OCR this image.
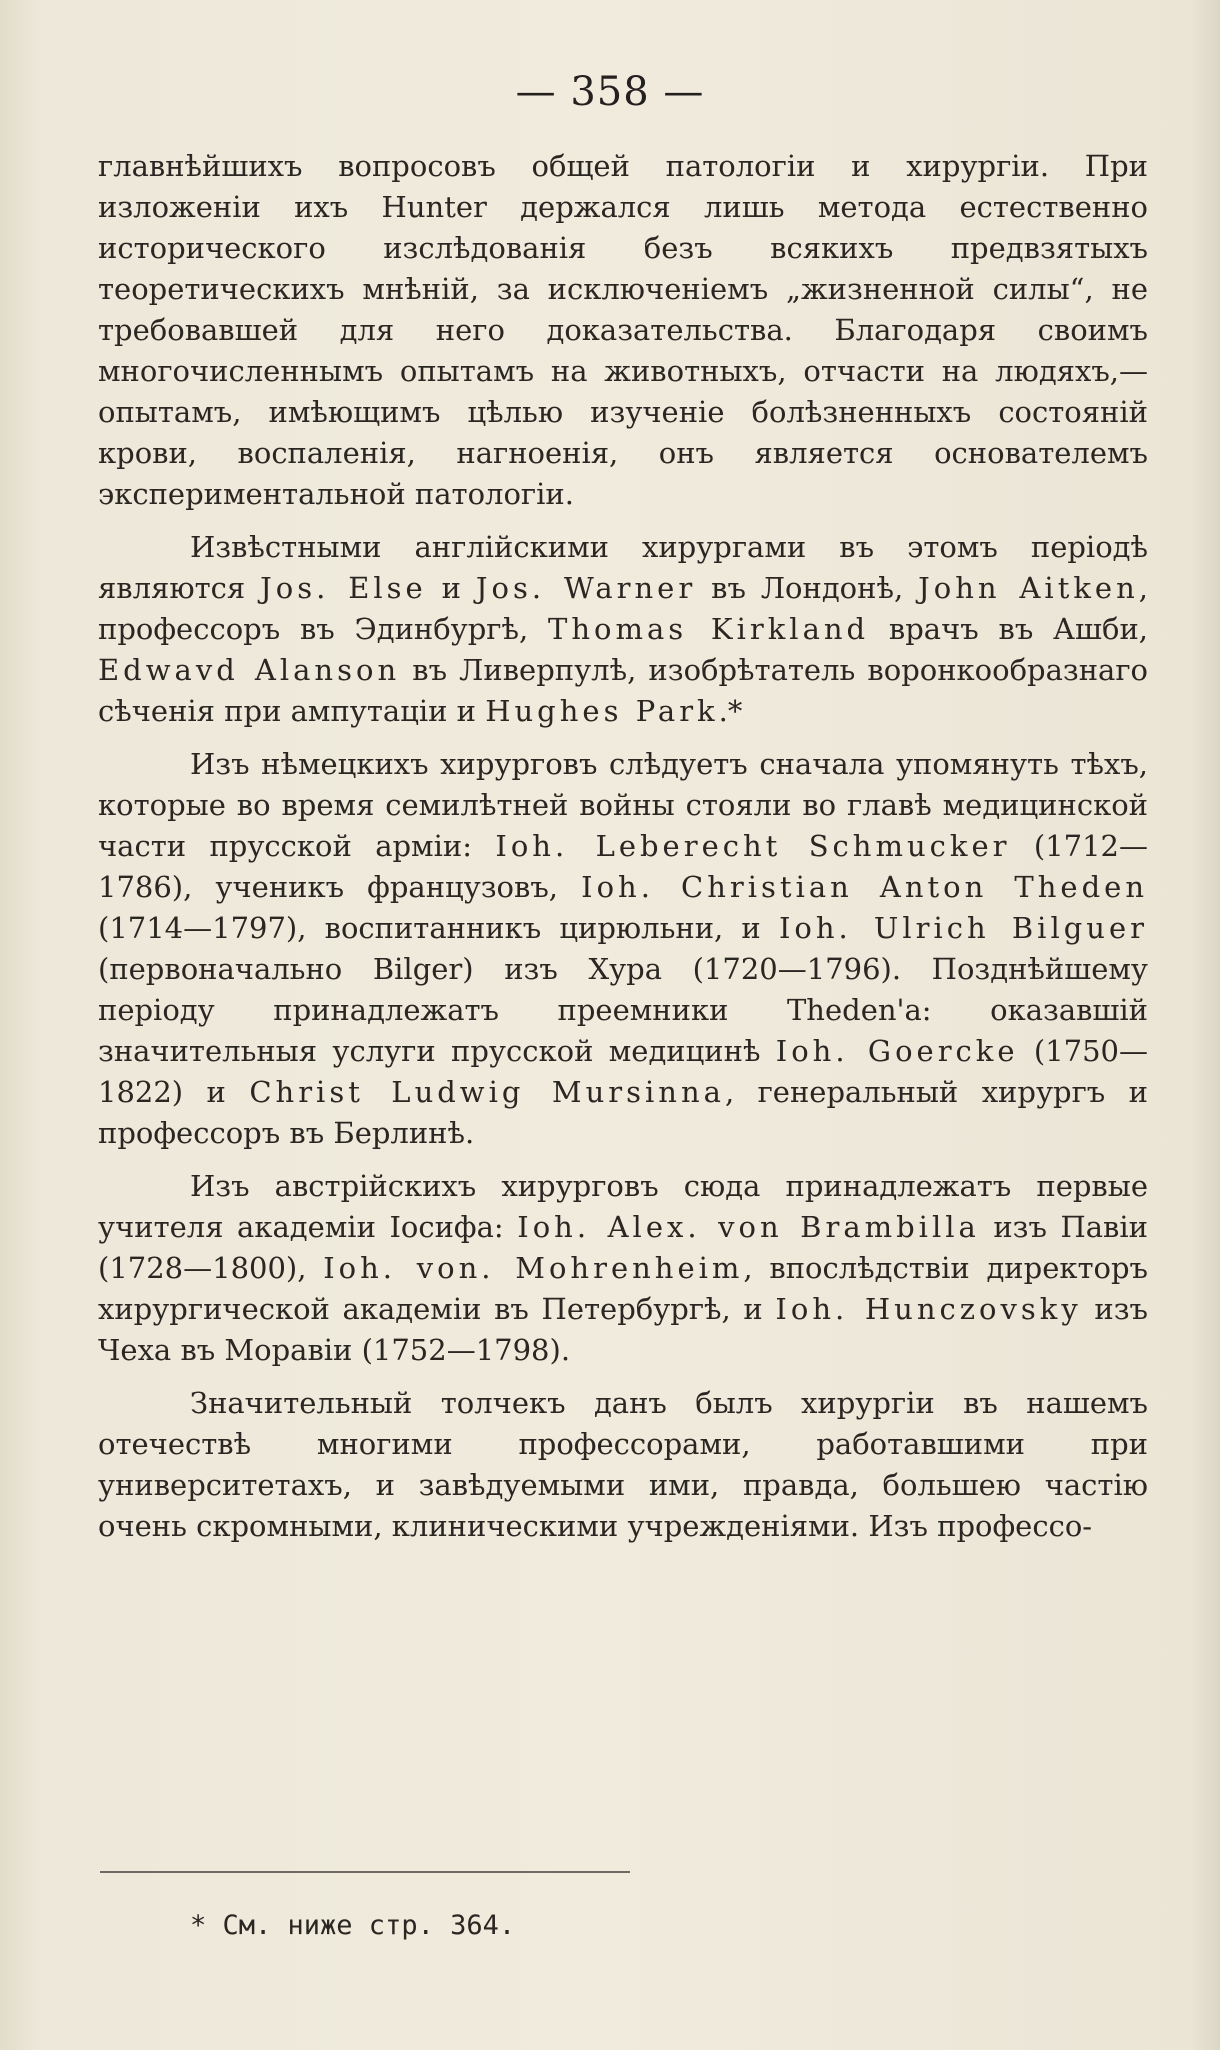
— 358 —

главнѣйшихъ вопросовъ общей патологіи и хирургіи. При изложеніи ихъ Hunter держался лишь метода естественно исторического изслѣдованія безъ всякихъ предвзятыхъ теоретическихъ мнѣній, за исключеніемъ „жизненной силы“, не требовавшей для него доказательства. Благодаря своимъ многочисленнымъ опытамъ на животныхъ, отчасти на людяхъ,—опытамъ, имѣющимъ цѣлью изученіе болѣзненныхъ состояній крови, воспаленія, нагноенія, онъ является основателемъ экспериментальной патологіи.

Извѣстными англійскими хирургами въ этомъ періодѣ являются Jos. Else и Jos. Warner въ Лондонѣ, John Aitken, профессоръ въ Эдинбургѣ, Thomas Kirkland врачъ въ Ашби, Edwavd Alanson въ Ливерпулѣ, изобрѣтатель воронкообразнаго сѣченія при ампутаціи и Hughes Park.*

Изъ нѣмецкихъ хирурговъ слѣдуетъ сначала упомянуть тѣхъ, которые во время семилѣтней войны стояли во главѣ медицинской части прусской арміи: Ioh. Leberecht Schmucker (1712—1786), ученикъ французовъ, Ioh. Christian Anton Theden (1714—1797), воспитанникъ цирюльни, и Ioh. Ulrich Bilguer (первоначально Bilger) изъ Хура (1720—1796). Позднѣйшему періоду принадлежатъ преемники Theden'а: оказавшій значительныя услуги прусской медицинѣ Ioh. Goercke (1750—1822) и Christ Ludwig Mursinna, генеральный хирургъ и профессоръ въ Берлинѣ.

Изъ австрійскихъ хирурговъ сюда принадлежатъ первые учителя академіи Іосифа: Ioh. Alex. von Brambilla изъ Павіи (1728—1800), Ioh. von. Mohrenheim, впослѣдствіи директоръ хирургической академіи въ Петербургѣ, и Ioh. Hunczovsky изъ Чеха въ Моравіи (1752—1798).

Значительный толчекъ данъ былъ хирургіи въ нашемъ отечествѣ многими профессорами, работавшими при университетахъ, и завѣдуемыми ими, правда, большею частію очень скромными, клиническими учрежденіями. Изъ профессо-

* См. ниже стр. 364.
